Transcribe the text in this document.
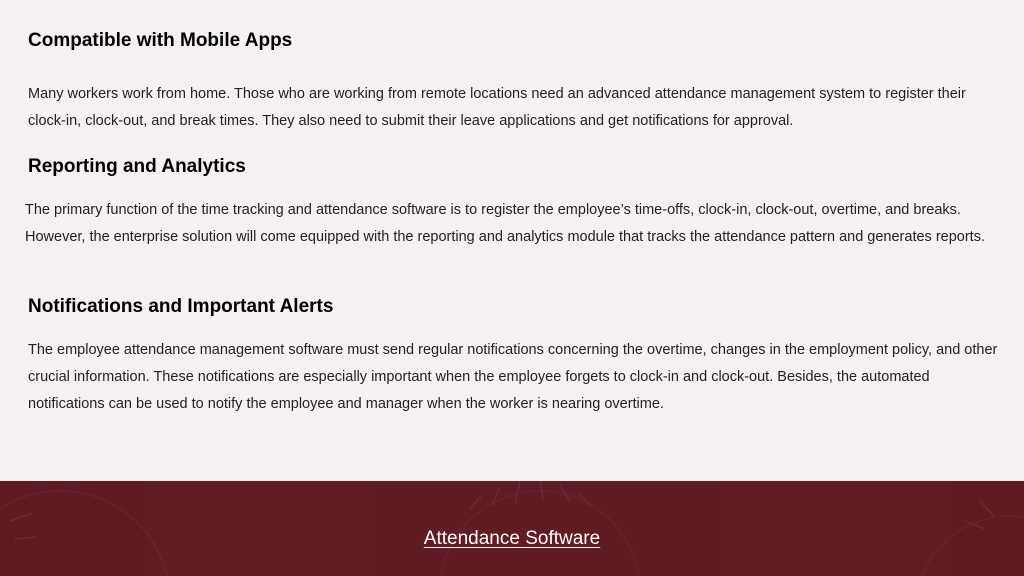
Compatible with Mobile Apps

Many workers work from home. Those who are working from remote locations need an advanced attendance management system to register their clock-in, clock-out, and break times. They also need to submit their leave applications and get notifications for approval.

Reporting and Analytics

The primary function of the time tracking and attendance software is to register the employee’s time-offs, clock-in, clock-out, overtime, and breaks. However, the enterprise solution will come equipped with the reporting and analytics module that tracks the attendance pattern and generates reports.

Notifications and Important Alerts

The employee attendance management software must send regular notifications concerning the overtime, changes in the employment policy, and other crucial information. These notifications are especially important when the employee forgets to clock-in and clock-out. Besides, the automated notifications can be used to notify the employee and manager when the worker is nearing overtime.

Attendance Software
